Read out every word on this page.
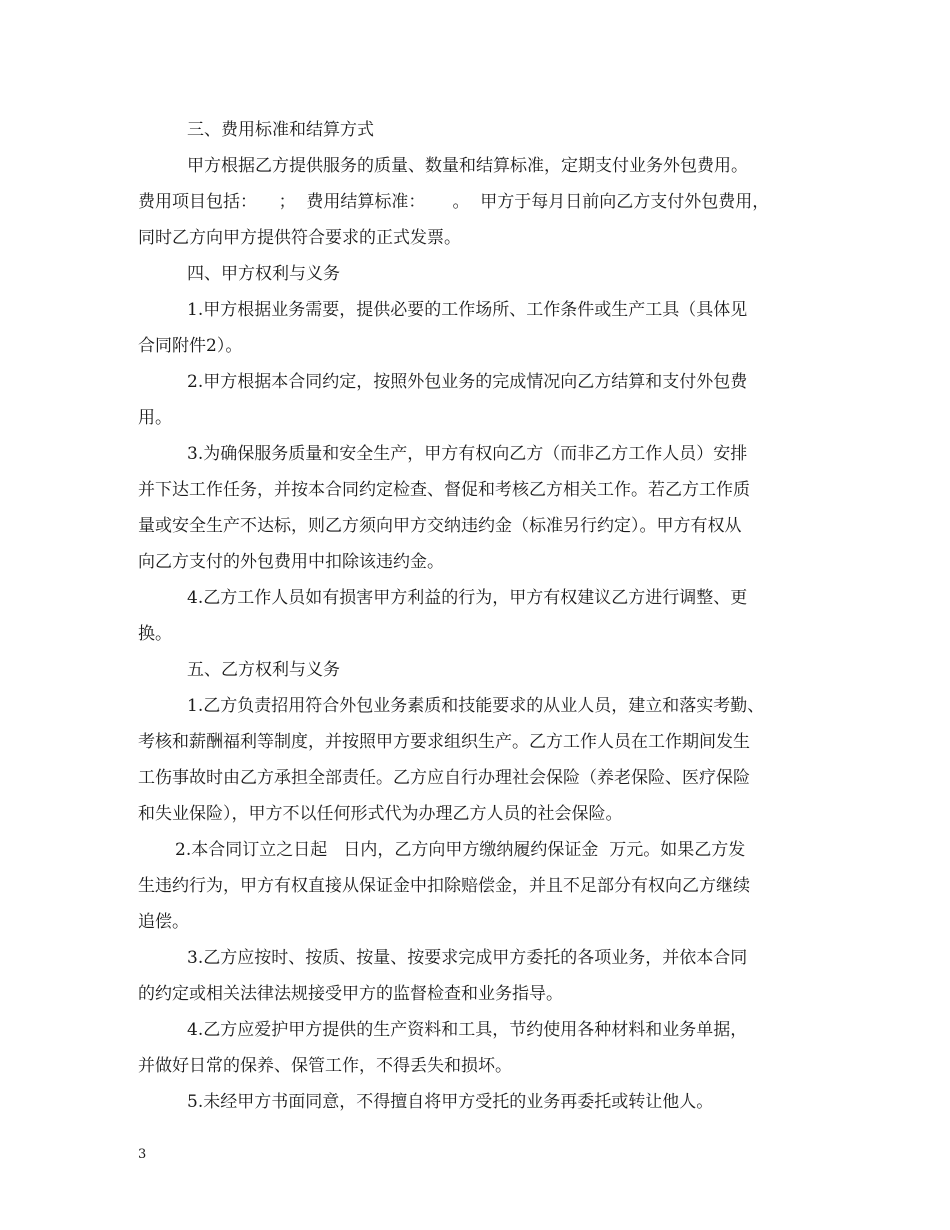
三、费用标准和结算方式
甲方根据乙方提供服务的质量、数量和结算标准，定期支付业务外包费用。
费用项目包括：    ；  费用结算标准：     。  甲方于每月日前向乙方支付外包费用，
同时乙方向甲方提供符合要求的正式发票。
四、甲方权利与义务
1.甲方根据业务需要，提供必要的工作场所、工作条件或生产工具（具体见
合同附件2）。
2.甲方根据本合同约定，按照外包业务的完成情况向乙方结算和支付外包费
用。
3.为确保服务质量和安全生产，甲方有权向乙方（而非乙方工作人员）安排
并下达工作任务，并按本合同约定检查、督促和考核乙方相关工作。若乙方工作质
量或安全生产不达标，则乙方须向甲方交纳违约金（标准另行约定）。甲方有权从
向乙方支付的外包费用中扣除该违约金。
4.乙方工作人员如有损害甲方利益的行为，甲方有权建议乙方进行调整、更
换。
五、乙方权利与义务
1.乙方负责招用符合外包业务素质和技能要求的从业人员，建立和落实考勤、
考核和薪酬福利等制度，并按照甲方要求组织生产。乙方工作人员在工作期间发生
工伤事故时由乙方承担全部责任。乙方应自行办理社会保险（养老保险、医疗保险
和失业保险），甲方不以任何形式代为办理乙方人员的社会保险。
2.本合同订立之日起   日内，乙方向甲方缴纳履约保证金  万元。如果乙方发
生违约行为，甲方有权直接从保证金中扣除赔偿金，并且不足部分有权向乙方继续
追偿。
3.乙方应按时、按质、按量、按要求完成甲方委托的各项业务，并依本合同
的约定或相关法律法规接受甲方的监督检查和业务指导。
4.乙方应爱护甲方提供的生产资料和工具，节约使用各种材料和业务单据，
并做好日常的保养、保管工作，不得丢失和损坏。
5.未经甲方书面同意，不得擅自将甲方受托的业务再委托或转让他人。
3
